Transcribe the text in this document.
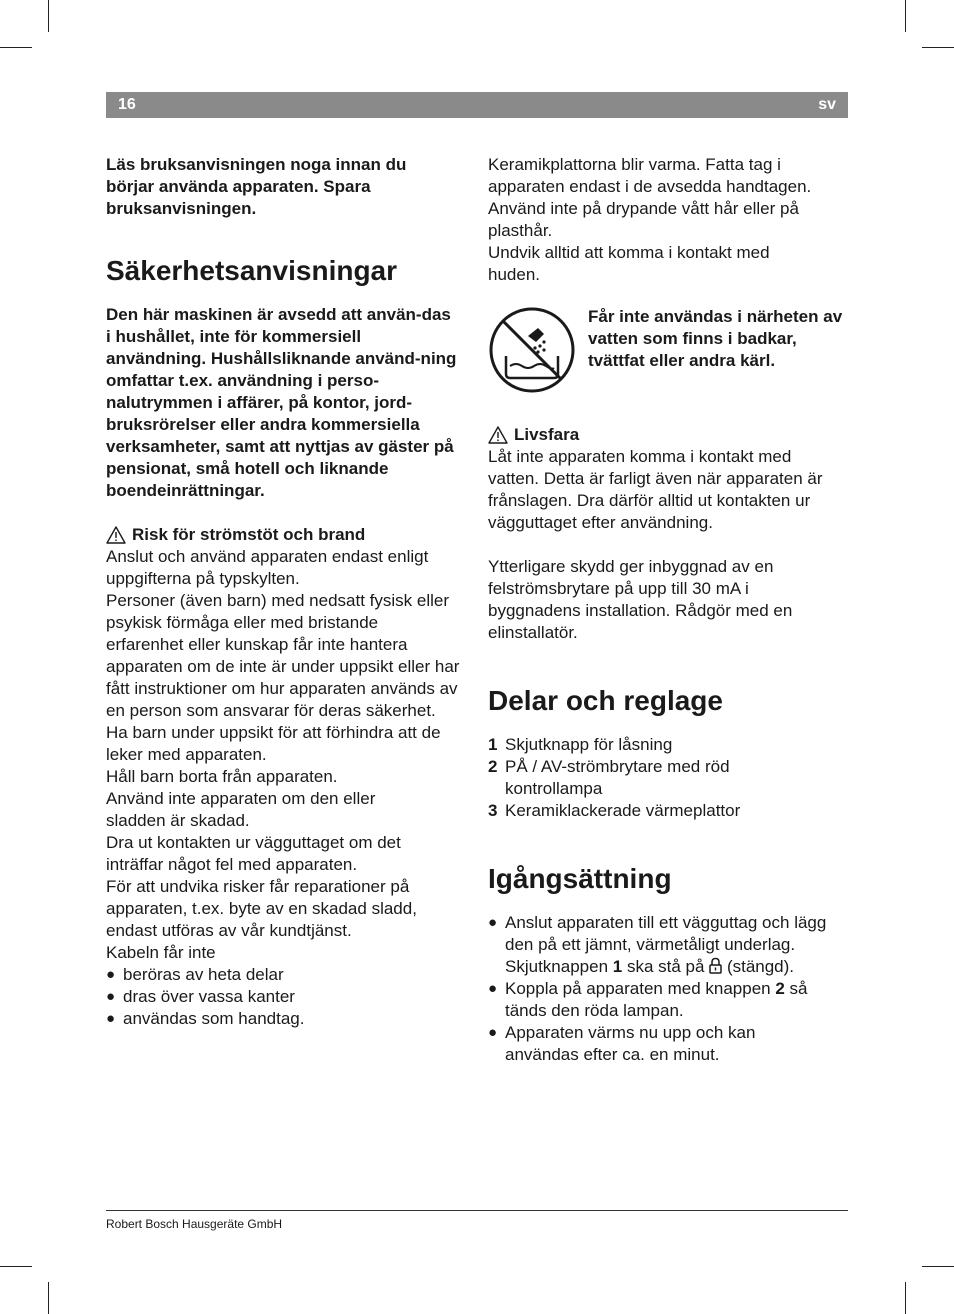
16	sv

Läs bruksanvisningen noga innan du börjar använda apparaten. Spara bruksanvisningen.

Säkerhetsanvisningar

Den här maskinen är avsedd att använ-das i hushållet, inte för kommersiell användning. Hushållsliknande använd-ning omfattar t.ex. användning i perso-nalutrymmen i affärer, på kontor, jord-bruksrörelser eller andra kommersiella verksamheter, samt att nyttjas av gäster på pensionat, små hotell och liknande boendeinrättningar.

Risk för strömstöt och brand

Anslut och använd apparaten endast enligt uppgifterna på typskylten.

Personer (även barn) med nedsatt fysisk eller psykisk förmåga eller med bristande erfarenhet eller kunskap får inte hantera apparaten om de inte är under uppsikt eller har fått instruktioner om hur apparaten används av en person som ansvarar för deras säkerhet.

Ha barn under uppsikt för att förhindra att de leker med apparaten.

Håll barn borta från apparaten.

Använd inte apparaten om den eller sladden är skadad.

Dra ut kontakten ur vägguttaget om det inträffar något fel med apparaten.

För att undvika risker får reparationer på apparaten, t.ex. byte av en skadad sladd, endast utföras av vår kundtjänst.

Kabeln får inte

● beröras av heta delar
● dras över vassa kanter
● användas som handtag.

Keramikplattorna blir varma. Fatta tag i apparaten endast i de avsedda handtagen. Använd inte på drypande vått hår eller på plasthår.

Undvik alltid att komma i kontakt med huden.

Får inte användas i närheten av vatten som finns i badkar, tvättfat eller andra kärl.

Livsfara

Låt inte apparaten komma i kontakt med vatten. Detta är farligt även när apparaten är frånslagen. Dra därför alltid ut kontakten ur vägguttaget efter användning.

Ytterligare skydd ger inbyggnad av en felströmsbrytare på upp till 30 mA i byggnadens installation. Rådgör med en elinstallatör.

Delar och reglage
1 Skjutknapp för låsning
2 PÅ / AV-strömbrytare med röd kontrollampa
3 Keramiklackerade värmeplattor
Igångsättning
● Anslut apparaten till ett vägguttag och lägg den på ett jämnt, värmetåligt underlag. Skjutknappen 1 ska stå på (stängd).
● Koppla på apparaten med knappen 2 så tänds den röda lampan.
● Apparaten värms nu upp och kan användas efter ca. en minut.
Robert Bosch Hausgeräte GmbH
